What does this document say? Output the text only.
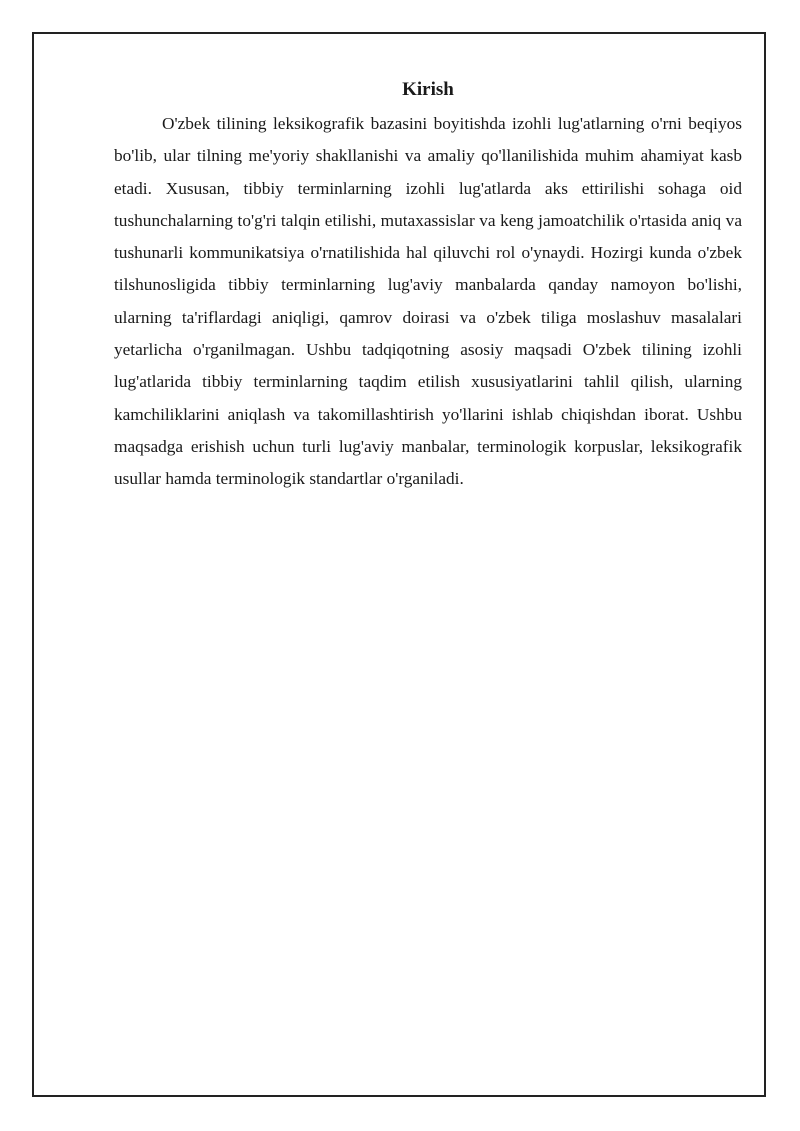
Kirish

O'zbek tilining leksikografik bazasini boyitishda izohli lug'atlarning o'rni beqiyos bo'lib, ular tilning me'yoriy shakllanishi va amaliy qo'llanilishida muhim ahamiyat kasb etadi. Xususan, tibbiy terminlarning izohli lug'atlarda aks ettirilishi sohaga oid tushunchalarning to'g'ri talqin etilishi, mutaxassislar va keng jamoatchilik o'rtasida aniq va tushunarli kommunikatsiya o'rnatilishida hal qiluvchi rol o'ynaydi. Hozirgi kunda o'zbek tilshunosligida tibbiy terminlarning lug'aviy manbalarda qanday namoyon bo'lishi, ularning ta'riflardagi aniqligi, qamrov doirasi va o'zbek tiliga moslashuv masalalari yetarlicha o'rganilmagan. Ushbu tadqiqotning asosiy maqsadi O'zbek tilining izohli lug'atlarida tibbiy terminlarning taqdim etilish xususiyatlarini tahlil qilish, ularning kamchiliklarini aniqlash va takomillashtirish yo'llarini ishlab chiqishdan iborat. Ushbu maqsadga erishish uchun turli lug'aviy manbalar, terminologik korpuslar, leksikografik usullar hamda terminologik standartlar o'rganiladi.
